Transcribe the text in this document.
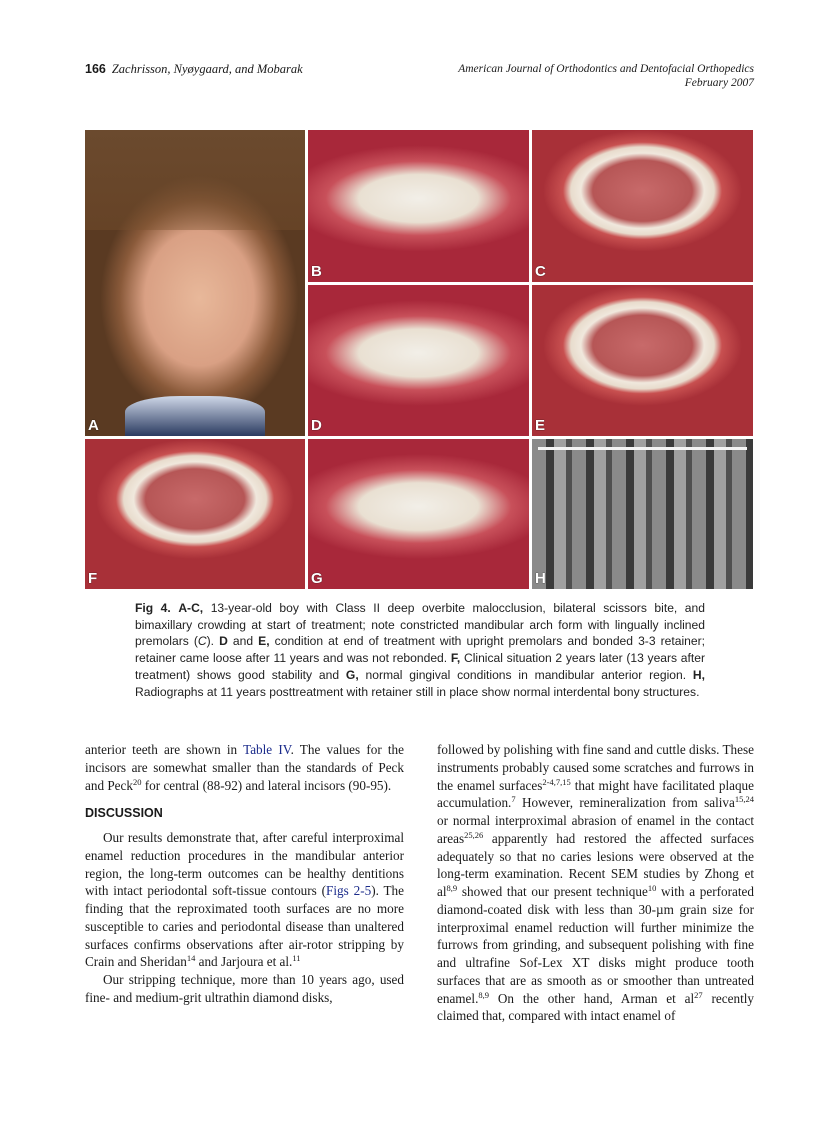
166 Zachrisson, Nyøygaard, and Mobarak	American Journal of Orthodontics and Dentofacial Orthopedics
February 2007
A
B	C
D	E
F	G	H
Fig 4. A-C, 13-year-old boy with Class II deep overbite malocclusion, bilateral scissors bite, and bimaxillary crowding at start of treatment; note constricted mandibular arch form with lingually inclined premolars (C). D and E, condition at end of treatment with upright premolars and bonded 3-3 retainer; retainer came loose after 11 years and was not rebonded. F, Clinical situation 2 years later (13 years after treatment) shows good stability and G, normal gingival conditions in mandibular anterior region. H, Radiographs at 11 years posttreatment with retainer still in place show normal interdental bony structures.

anterior teeth are shown in Table IV. The values for the incisors are somewhat smaller than the standards of Peck and Peck$^{20}$ for central (88-92) and lateral incisors (90-95).

DISCUSSION

Our results demonstrate that, after careful interproximal enamel reduction procedures in the mandibular anterior region, the long-term outcomes can be healthy dentitions with intact periodontal soft-tissue contours (Figs 2-5). The finding that the reproximated tooth surfaces are no more susceptible to caries and periodontal disease than unaltered surfaces confirms observations after air-rotor stripping by Crain and Sheridan$^{14}$ and Jarjoura et al.$^{11}$

Our stripping technique, more than 10 years ago, used fine- and medium-grit ultrathin diamond disks,

followed by polishing with fine sand and cuttle disks. These instruments probably caused some scratches and furrows in the enamel surfaces$^{2-4,7,15}$ that might have facilitated plaque accumulation.$^7$ However, remineralization from saliva$^{15,24}$ or normal interproximal abrasion of enamel in the contact areas$^{25,26}$ apparently had restored the affected surfaces adequately so that no caries lesions were observed at the long-term examination. Recent SEM studies by Zhong et al$^{8,9}$ showed that our present technique$^{10}$ with a perforated diamond-coated disk with less than 30-µm grain size for interproximal enamel reduction will further minimize the furrows from grinding, and subsequent polishing with fine and ultrafine Sof-Lex XT disks might produce tooth surfaces that are as smooth as or smoother than untreated enamel.$^{8,9}$ On the other hand, Arman et $al^{27}$ recently claimed that, compared with intact enamel of
